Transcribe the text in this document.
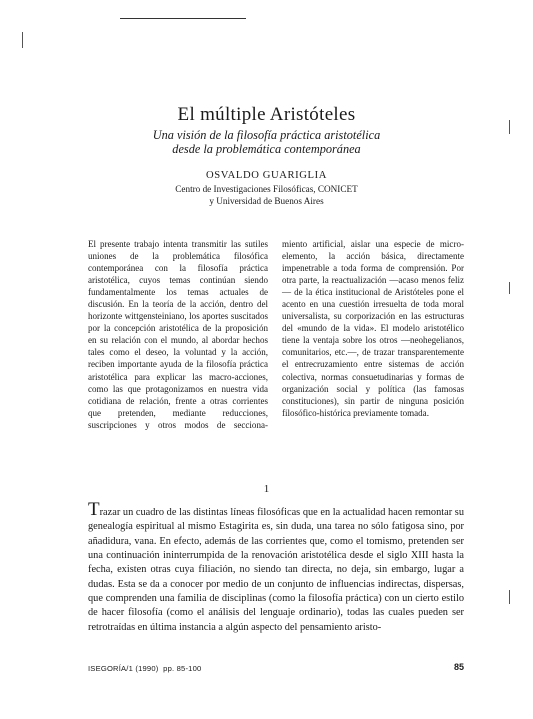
El múltiple Aristóteles
Una visión de la filosofía práctica aristotélica
desde la problemática contemporánea
OSVALDO GUARIGLIA
Centro de Investigaciones Filosóficas, CONICET
y Universidad de Buenos Aires

El presente trabajo intenta transmitir las sutiles uniones de la problemática filosófica contemporánea con la filosofía práctica aristotélica, cuyos temas continúan siendo fundamentalmente los temas actuales de discusión. En la teoría de la acción, dentro del horizonte wittgensteiniano, los aportes suscitados por la concepción aristotélica de la proposición en su relación con el mundo, al abordar hechos tales como el deseo, la voluntad y la acción, reciben importante ayuda de la filosofía práctica aristotélica para explicar las macro-acciones, como las que protagonizamos en nuestra vida cotidiana de relación, frente a otras corrientes que pretenden, mediante reducciones, suscripciones y otros modos de secciona-

miento artificial, aislar una especie de micro-elemento, la acción básica, directamente impenetrable a toda forma de comprensión. Por otra parte, la reactualización —acaso menos feliz— de la ética institucional de Aristóteles pone el acento en una cuestión irresuelta de toda moral universalista, su corporización en las estructuras del «mundo de la vida». El modelo aristotélico tiene la ventaja sobre los otros —neohegelianos, comunitarios, etc.—, de trazar transparentemente el entrecruzamiento entre sistemas de acción colectiva, normas consuetudinarias y formas de organización social y política (las famosas constituciones), sin partir de ninguna posición filosófico-histórica previamente tomada.

1

Trazar un cuadro de las distintas líneas filosóficas que en la actualidad hacen remontar su genealogía espiritual al mismo Estagirita es, sin duda, una tarea no sólo fatigosa sino, por añadidura, vana. En efecto, además de las corrientes que, como el tomismo, pretenden ser una continuación ininterrumpida de la renovación aristotélica desde el siglo XIII hasta la fecha, existen otras cuya filiación, no siendo tan directa, no deja, sin embargo, lugar a dudas. Esta se da a conocer por medio de un conjunto de influencias indirectas, dispersas, que comprenden una familia de disciplinas (como la filosofía práctica) con un cierto estilo de hacer filosofía (como el análisis del lenguaje ordinario), todas las cuales pueden ser retrotraídas en última instancia a algún aspecto del pensamiento aristo-

ISEGORÍA/1 (1990) pp. 85-100	85
